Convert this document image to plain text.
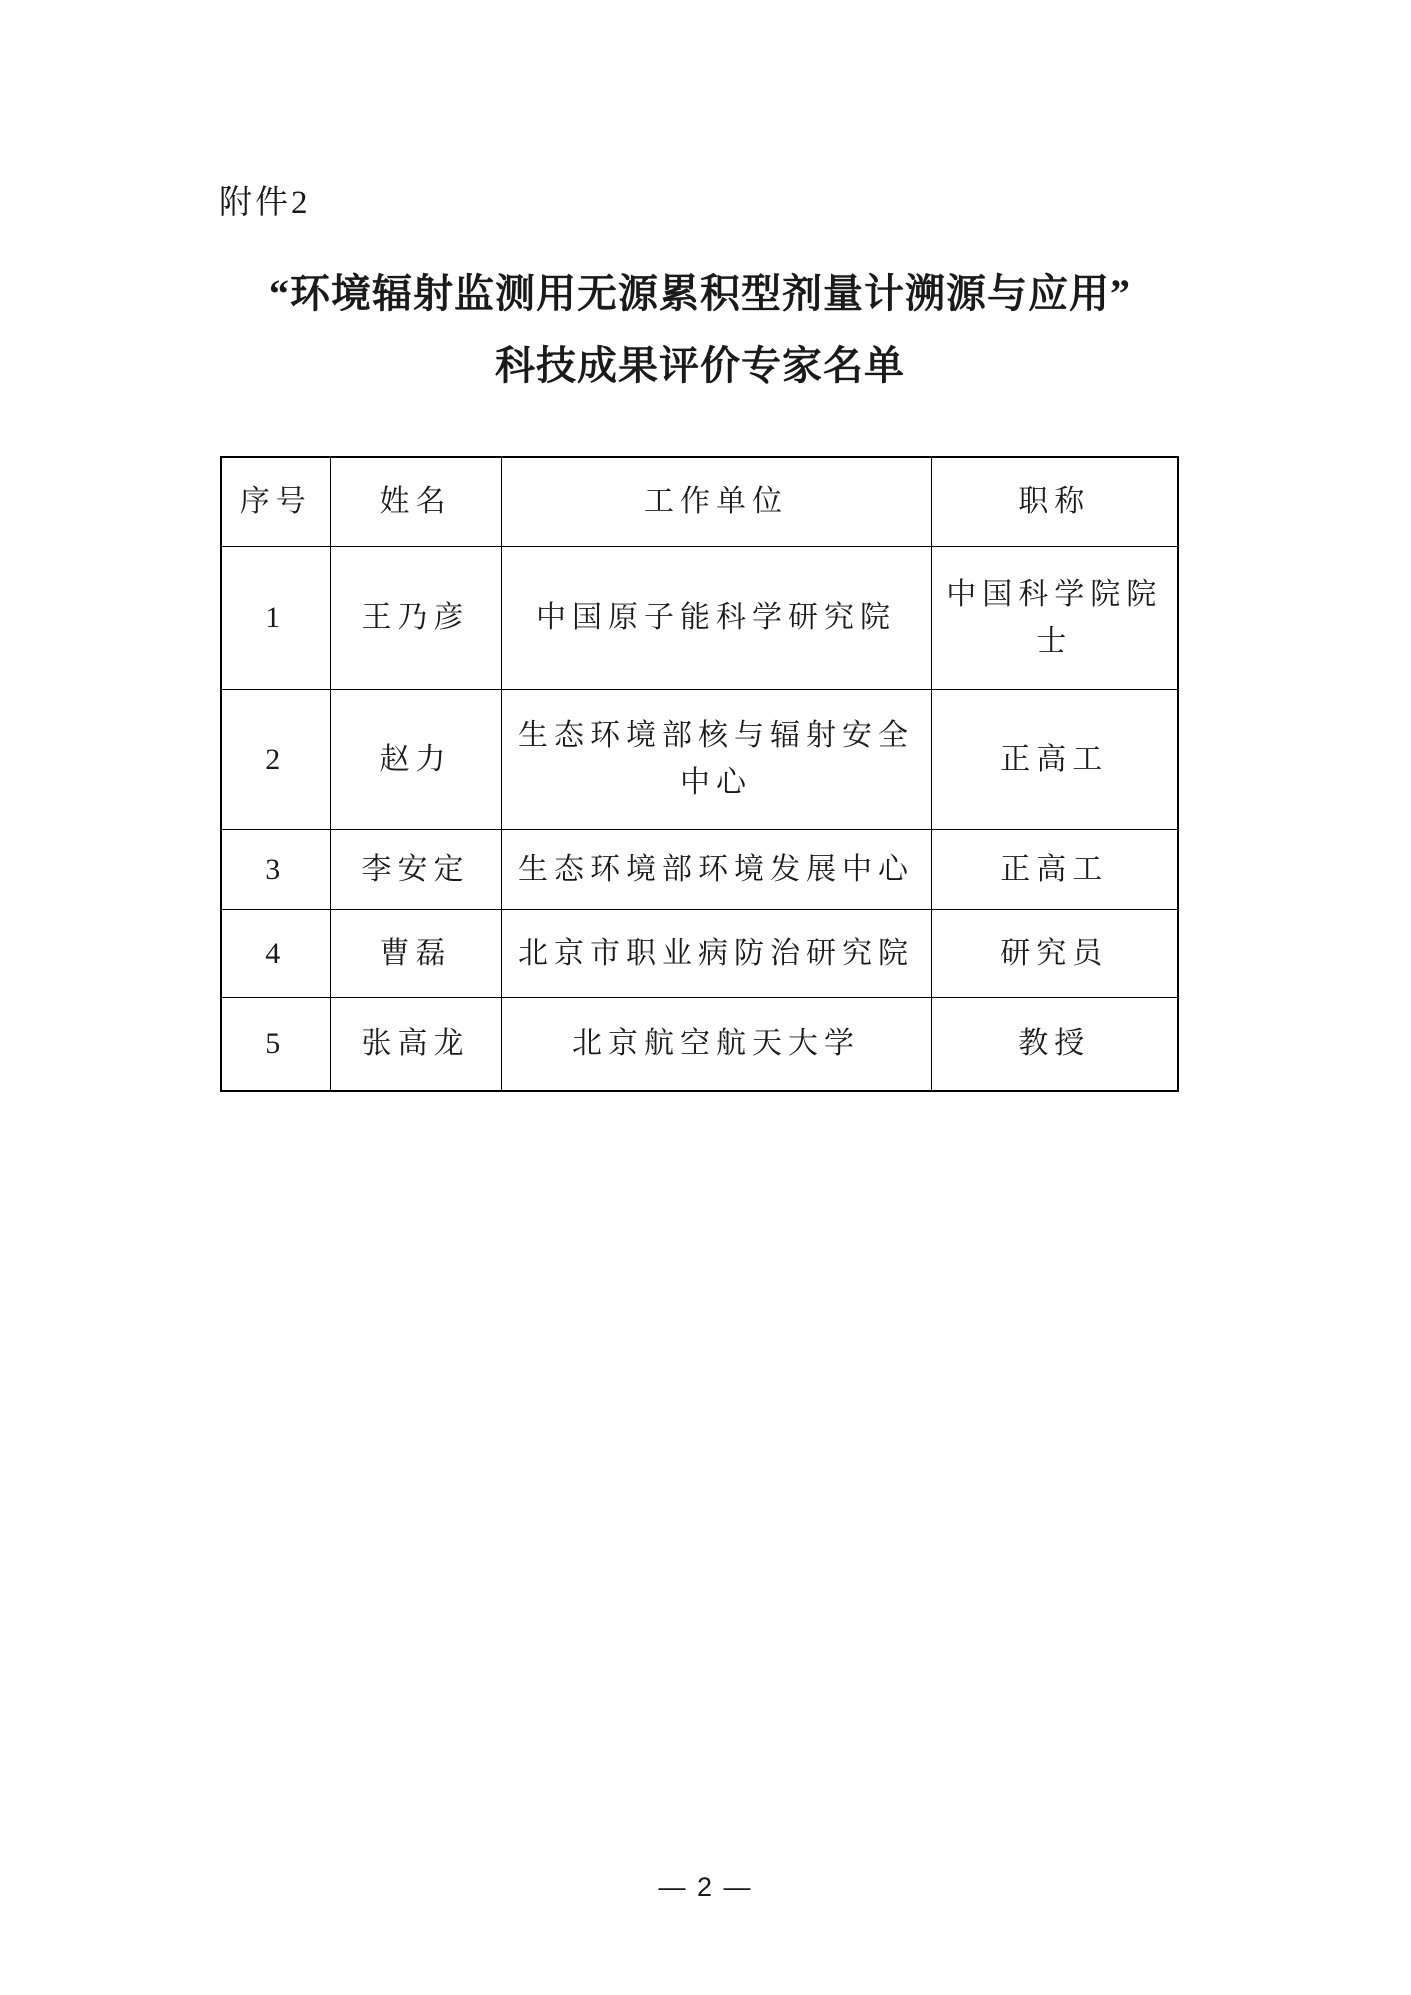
附件2
“环境辐射监测用无源累积型剂量计溯源与应用”
科技成果评价专家名单
序号	姓名	工作单位	职称
1	王乃彦	中国原子能科学研究院	中国科学院院士
2	赵力	生态环境部核与辐射安全中心	正高工
3	李安定	生态环境部环境发展中心	正高工
4	曹磊	北京市职业病防治研究院	研究员
5	张高龙	北京航空航天大学	教授
— 2 —
